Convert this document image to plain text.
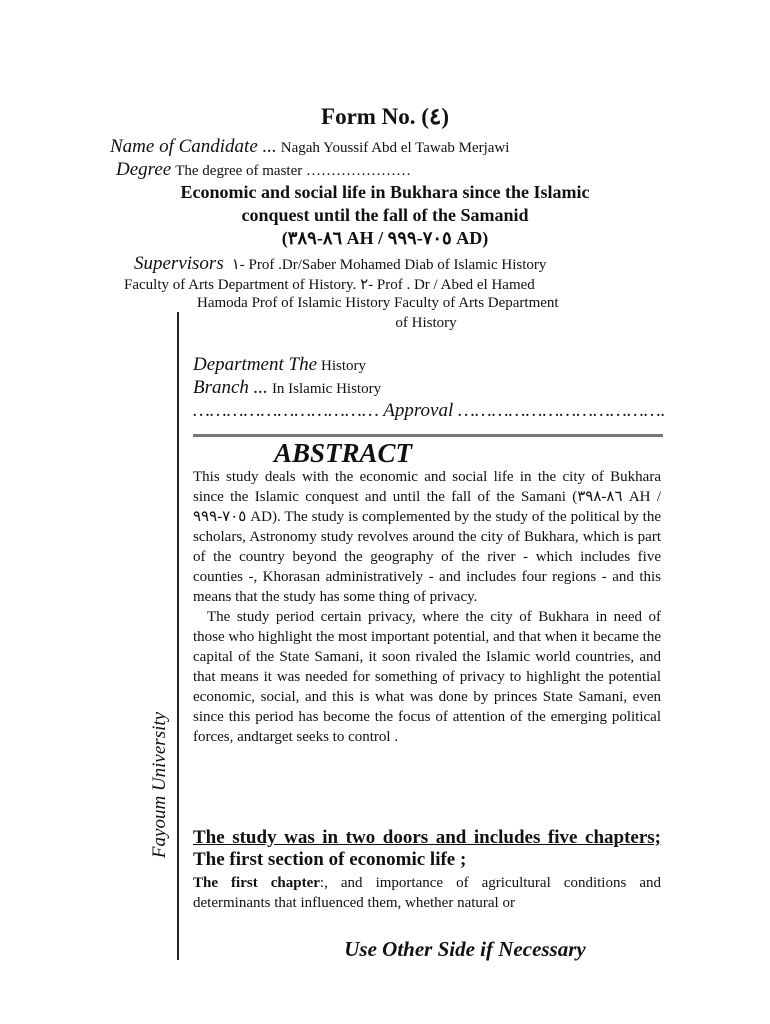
Form No. (٤)
Name of Candidate ... Nagah Youssif Abd el Tawab Merjawi
Degree The degree of master …………………
Economic and social life in Bukhara since the Islamic
conquest until the fall of the Samanid
(٨٦-٣٨٩ AH / ٧٠٥-٩٩٩ AD)
Supervisors ١- Prof .Dr/Saber Mohamed Diab of Islamic History
Faculty of Arts Department of History. ٢- Prof . Dr / Abed el Hamed
Hamoda Prof of Islamic History Faculty of Arts Department
of History
Fayoum University
Department The History
Branch ... In Islamic History
…………………………… Approval ……………………………….
ABSTRACT

This study deals with the economic and social life in the city of Bukhara since the Islamic conquest and until the fall of the Samani (٨٦-٣٩٨ AH / ٧٠٥-٩٩٩ AD). The study is complemented by the study of the political by the scholars, Astronomy study revolves around the city of Bukhara, which is part of the country beyond the geography of the river - which includes five counties -, Khorasan administratively - and includes four regions - and this means that the study has some thing of privacy.

The study period certain privacy, where the city of Bukhara in need of those who highlight the most important potential, and that when it became the capital of the State Samani, it soon rivaled the Islamic world countries, and that means it was needed for something of privacy to highlight the potential economic, social, and this is what was done by princes State Samani, even since this period has become the focus of attention of the emerging political forces, andtarget seeks to control .

The study was in two doors and includes five chapters; The first section of economic life ;
The first chapter:, and importance of agricultural conditions and determinants that influenced them, whether natural or
Use Other Side if Necessary
